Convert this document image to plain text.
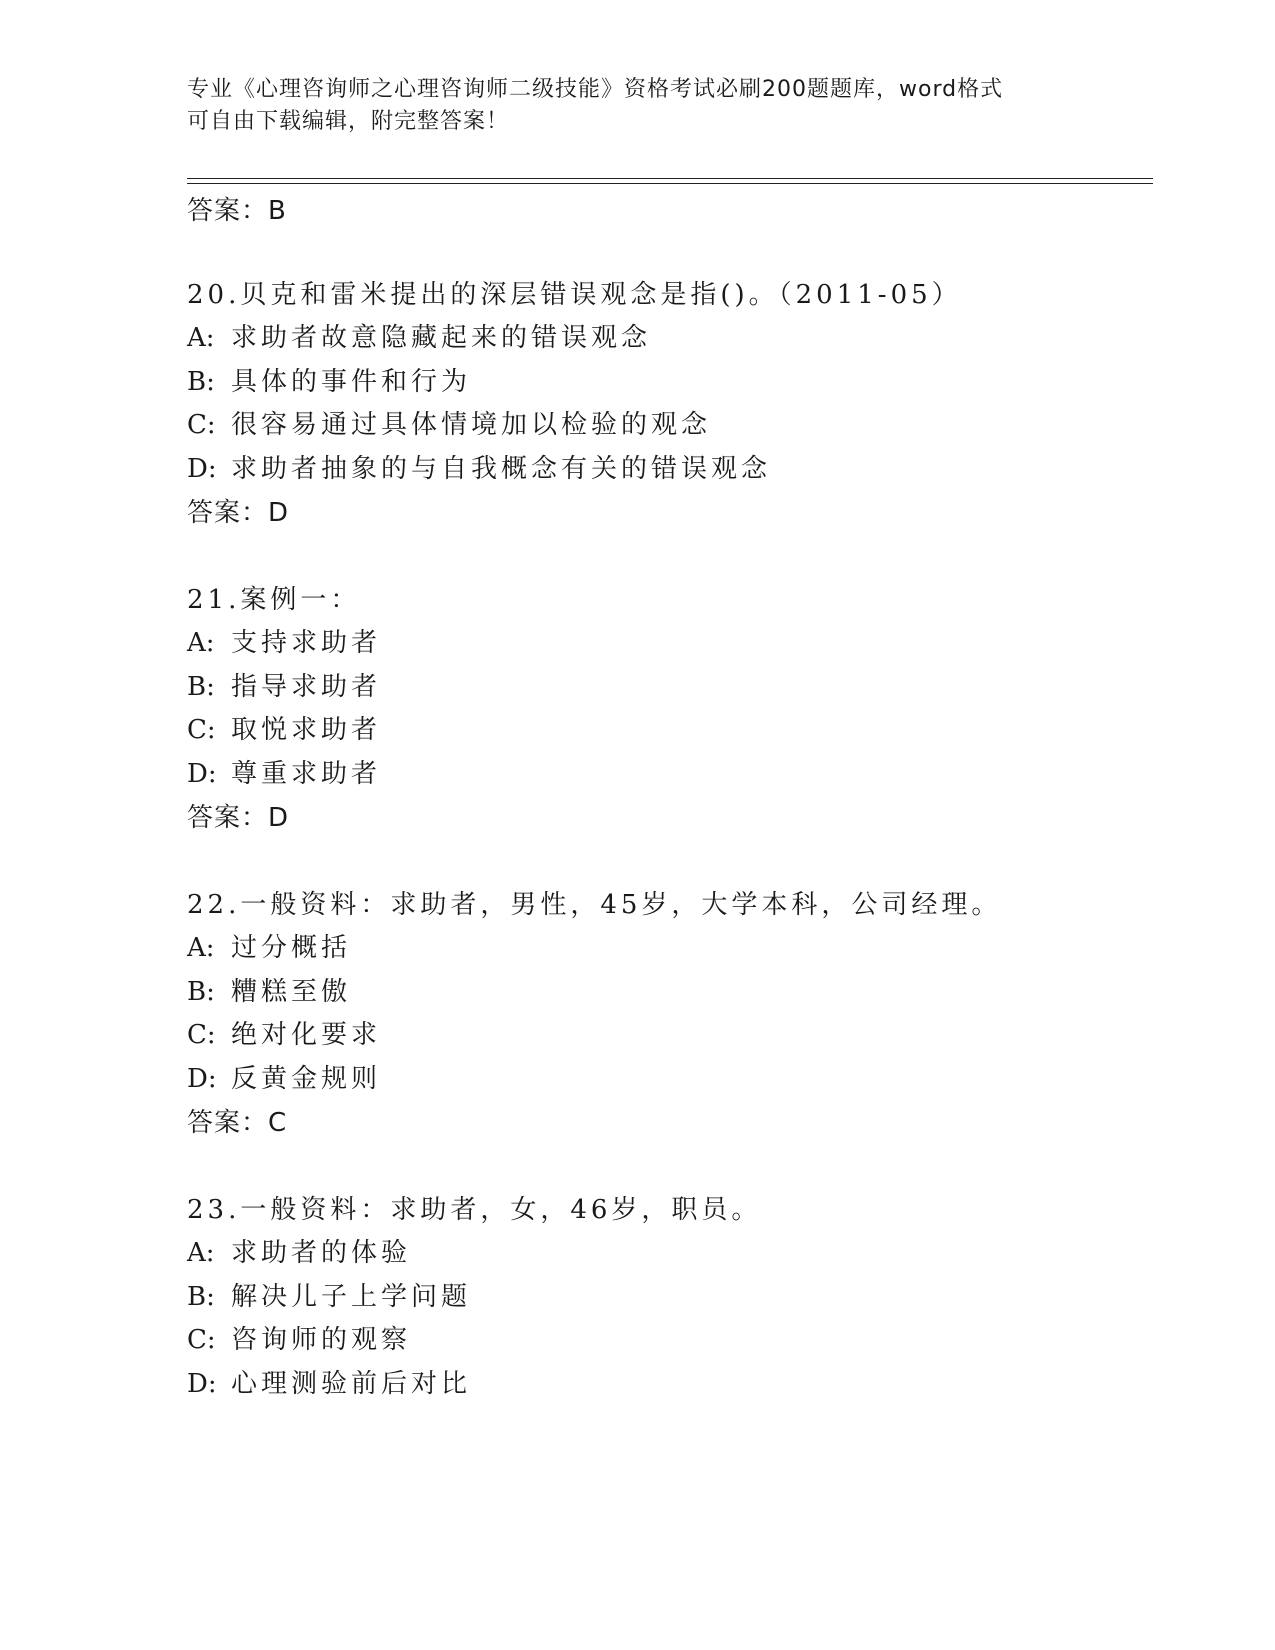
专业《心理咨询师之心理咨询师二级技能》资格考试必刷200题题库，word格式
可自由下载编辑，附完整答案！
答案：B
20.贝克和雷米提出的深层错误观念是指()。（2011-05）
A: 求助者故意隐藏起来的错误观念
B: 具体的事件和行为
C: 很容易通过具体情境加以检验的观念
D: 求助者抽象的与自我概念有关的错误观念
答案：D
21.案例一：
A: 支持求助者
B: 指导求助者
C: 取悦求助者
D: 尊重求助者
答案：D
22.一般资料：求助者，男性，45岁，大学本科，公司经理。
A: 过分概括
B: 糟糕至傲
C: 绝对化要求
D: 反黄金规则
答案：C
23.一般资料：求助者，女，46岁，职员。
A: 求助者的体验
B: 解决儿子上学问题
C: 咨询师的观察
D: 心理测验前后对比
